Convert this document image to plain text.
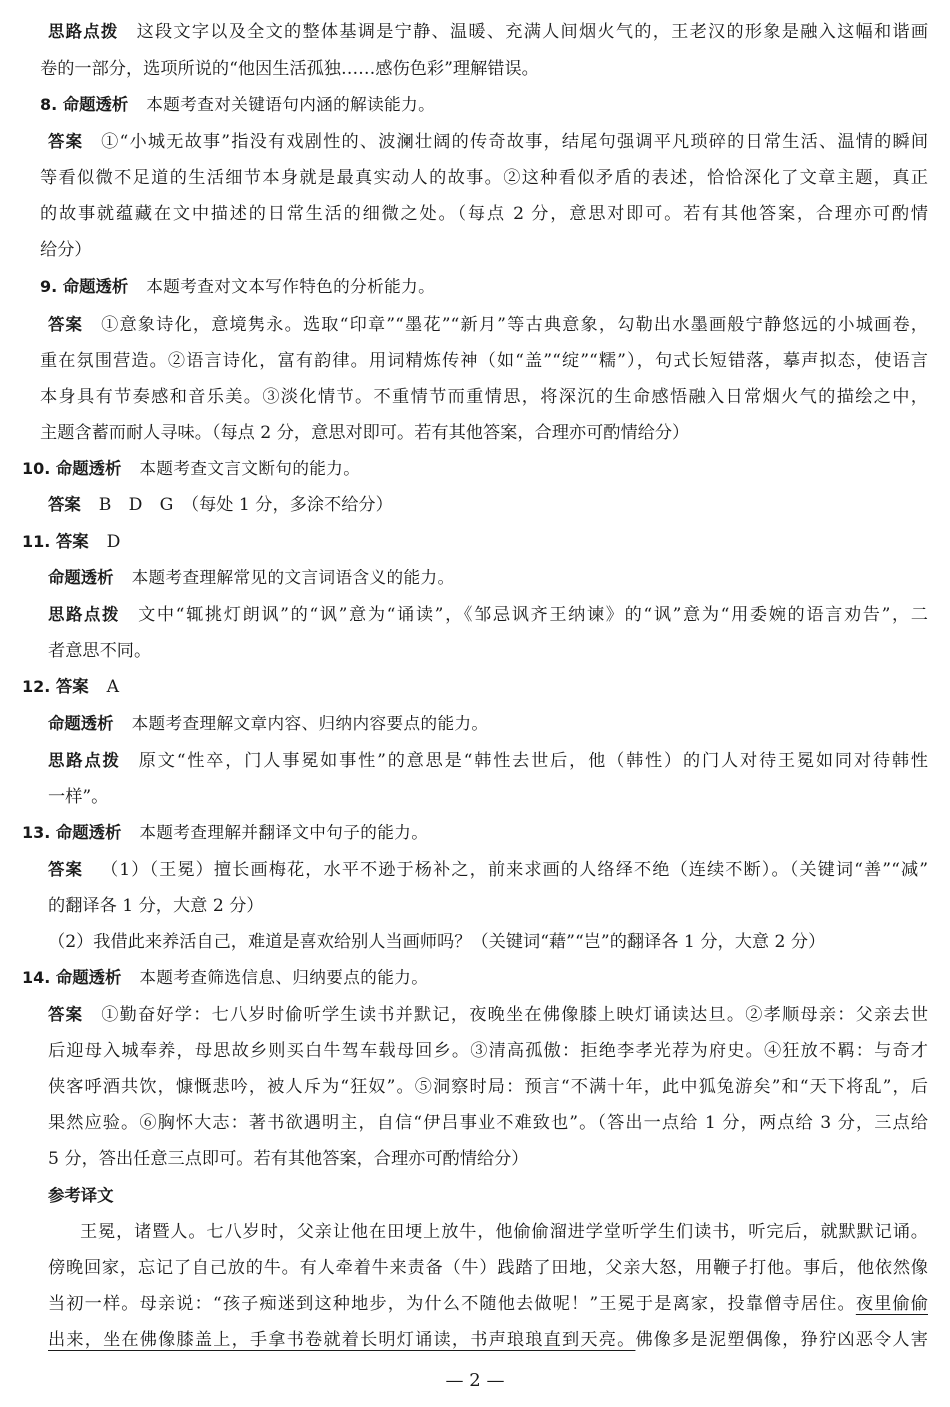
思路点拨 这段文字以及全文的整体基调是宁静、温暖、充满人间烟火气的，王老汉的形象是融入这幅和谐画
卷的一部分，选项所说的“他因生活孤独……感伤色彩”理解错误。
8. 命题透析 本题考查对关键语句内涵的解读能力。
答案 ①“小城无故事”指没有戏剧性的、波澜壮阔的传奇故事，结尾句强调平凡琐碎的日常生活、温情的瞬间
等看似微不足道的生活细节本身就是最真实动人的故事。②这种看似矛盾的表述，恰恰深化了文章主题，真正
的故事就蕴藏在文中描述的日常生活的细微之处。（每点 2 分，意思对即可。若有其他答案，合理亦可酌情
给分）
9. 命题透析 本题考查对文本写作特色的分析能力。
答案 ①意象诗化，意境隽永。选取“印章”“墨花”“新月”等古典意象，勾勒出水墨画般宁静悠远的小城画卷，
重在氛围营造。②语言诗化，富有韵律。用词精炼传神（如“盖”“绽”“糯”），句式长短错落，摹声拟态，使语言
本身具有节奏感和音乐美。③淡化情节。不重情节而重情思，将深沉的生命感悟融入日常烟火气的描绘之中，
主题含蓄而耐人寻味。（每点 2 分，意思对即可。若有其他答案，合理亦可酌情给分）
10. 命题透析 本题考查文言文断句的能力。
答案 B　D　G　（每处 1 分，多涂不给分）
11. 答案 D
命题透析 本题考查理解常见的文言词语含义的能力。
思路点拨 文中“辄挑灯朗讽”的“讽”意为“诵读”，《邹忌讽齐王纳谏》的“讽”意为“用委婉的语言劝告”，二
者意思不同。
12. 答案 A
命题透析 本题考查理解文章内容、归纳内容要点的能力。
思路点拨 原文“性卒，门人事冕如事性”的意思是“韩性去世后，他（韩性）的门人对待王冕如同对待韩性
一样”。
13. 命题透析 本题考查理解并翻译文中句子的能力。
答案 （1）（王冕）擅长画梅花，水平不逊于杨补之，前来求画的人络绎不绝（连续不断）。（关键词“善”“减”
的翻译各 1 分，大意 2 分）
（2）我借此来养活自己，难道是喜欢给别人当画师吗？（关键词“藉”“岂”的翻译各 1 分，大意 2 分）
14. 命题透析 本题考查筛选信息、归纳要点的能力。
答案 ①勤奋好学：七八岁时偷听学生读书并默记，夜晚坐在佛像膝上映灯诵读达旦。②孝顺母亲：父亲去世
后迎母入城奉养，母思故乡则买白牛驾车载母回乡。③清高孤傲：拒绝李孝光荐为府史。④狂放不羁：与奇才
侠客呼酒共饮，慷慨悲吟，被人斥为“狂奴”。⑤洞察时局：预言“不满十年，此中狐兔游矣”和“天下将乱”，后
果然应验。⑥胸怀大志：著书欲遇明主，自信“伊吕事业不难致也”。（答出一点给 1 分，两点给 3 分，三点给
5 分，答出任意三点即可。若有其他答案，合理亦可酌情给分）
参考译文
王冕，诸暨人。七八岁时，父亲让他在田埂上放牛，他偷偷溜进学堂听学生们读书，听完后，就默默记诵。
傍晚回家，忘记了自己放的牛。有人牵着牛来责备（牛）践踏了田地，父亲大怒，用鞭子打他。事后，他依然像
当初一样。母亲说：“孩子痴迷到这种地步，为什么不随他去做呢！”王冕于是离家，投靠僧寺居住。夜里偷偷
出来，坐在佛像膝盖上，手拿书卷就着长明灯诵读，书声琅琅直到天亮。佛像多是泥塑偶像，狰狞凶恶令人害
— 2 —
